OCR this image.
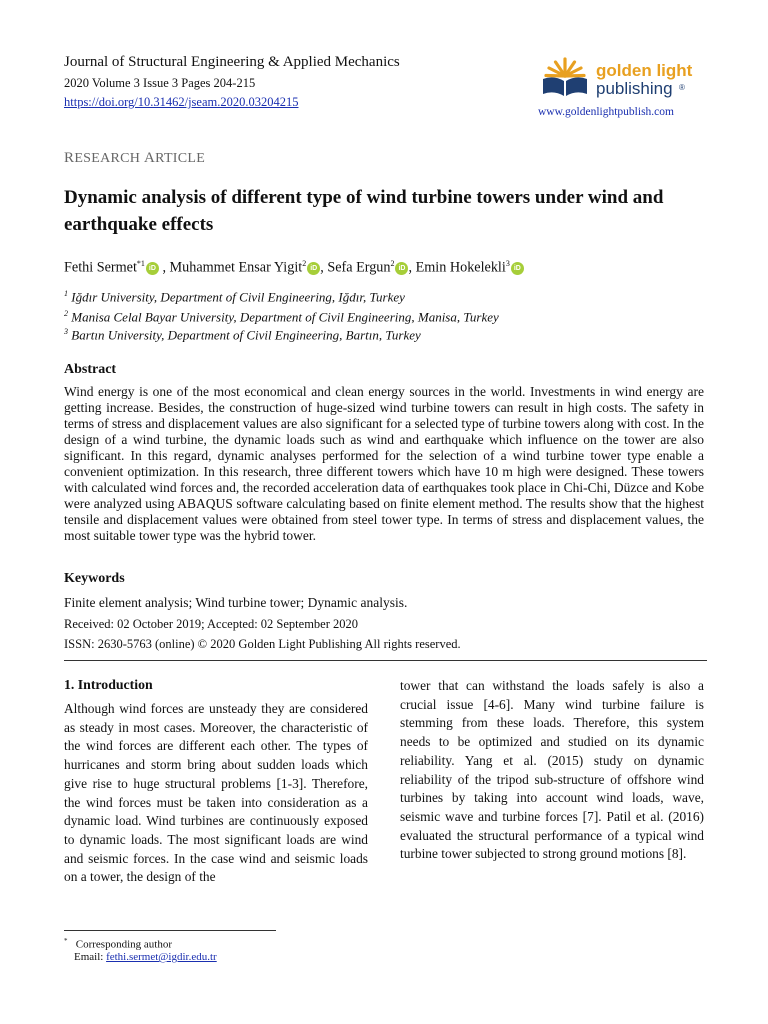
Journal of Structural Engineering & Applied Mechanics
2020 Volume 3 Issue 3 Pages 204-215
https://doi.org/10.31462/jseam.2020.03204215
golden light
publishing ®
www.goldenlightpublish.com
RESEARCH ARTICLE
Dynamic analysis of different type of wind turbine towers under wind and earthquake effects
Fethi Sermet$^{*1}$iD , Muhammet Ensar Yigit$^2$iD , Sefa Ergun$^2$iD , Emin Hokelekli$^3$iD
$^1$ Iğdır University, Department of Civil Engineering, Iğdır, Turkey
$^2$ Manisa Celal Bayar University, Department of Civil Engineering, Manisa, Turkey
$^3$ Bartın University, Department of Civil Engineering, Bartın, Turkey
Abstract
Wind energy is one of the most economical and clean energy sources in the world. Investments in wind energy are getting increase. Besides, the construction of huge-sized wind turbine towers can result in high costs. The safety in terms of stress and displacement values are also significant for a selected type of turbine towers along with cost. In the design of a wind turbine, the dynamic loads such as wind and earthquake which influence on the tower are also significant. In this regard, dynamic analyses performed for the selection of a wind turbine tower type enable a convenient optimization. In this research, three different towers which have 10 m high were designed. These towers with calculated wind forces and, the recorded acceleration data of earthquakes took place in Chi-Chi, Düzce and Kobe were analyzed using ABAQUS software calculating based on finite element method. The results show that the highest tensile and displacement values were obtained from steel tower type. In terms of stress and displacement values, the most suitable tower type was the hybrid tower.
Keywords
Finite element analysis; Wind turbine tower; Dynamic analysis.
Received: 02 October 2019; Accepted: 02 September 2020
ISSN: 2630-5763 (online) © 2020 Golden Light Publishing All rights reserved.
1. Introduction
Although wind forces are unsteady they are considered as steady in most cases. Moreover, the characteristic of the wind forces are different each other. The types of hurricanes and storm bring about sudden loads which give rise to huge structural problems [1-3]. Therefore, the wind forces must be taken into consideration as a dynamic load. Wind turbines are continuously exposed to dynamic loads. The most significant loads are wind and seismic forces. In the case wind and seismic loads on a tower, the design of the
tower that can withstand the loads safely is also a crucial issue [4-6]. Many wind turbine failure is stemming from these loads. Therefore, this system needs to be optimized and studied on its dynamic reliability. Yang et al. (2015) study on dynamic reliability of the tripod sub-structure of offshore wind turbines by taking into account wind loads, wave, seismic wave and turbine forces [7]. Patil et al. (2016) evaluated the structural performance of a typical wind turbine tower subjected to strong ground motions [8].
* Corresponding author
Email: fethi.sermet@igdir.edu.tr
